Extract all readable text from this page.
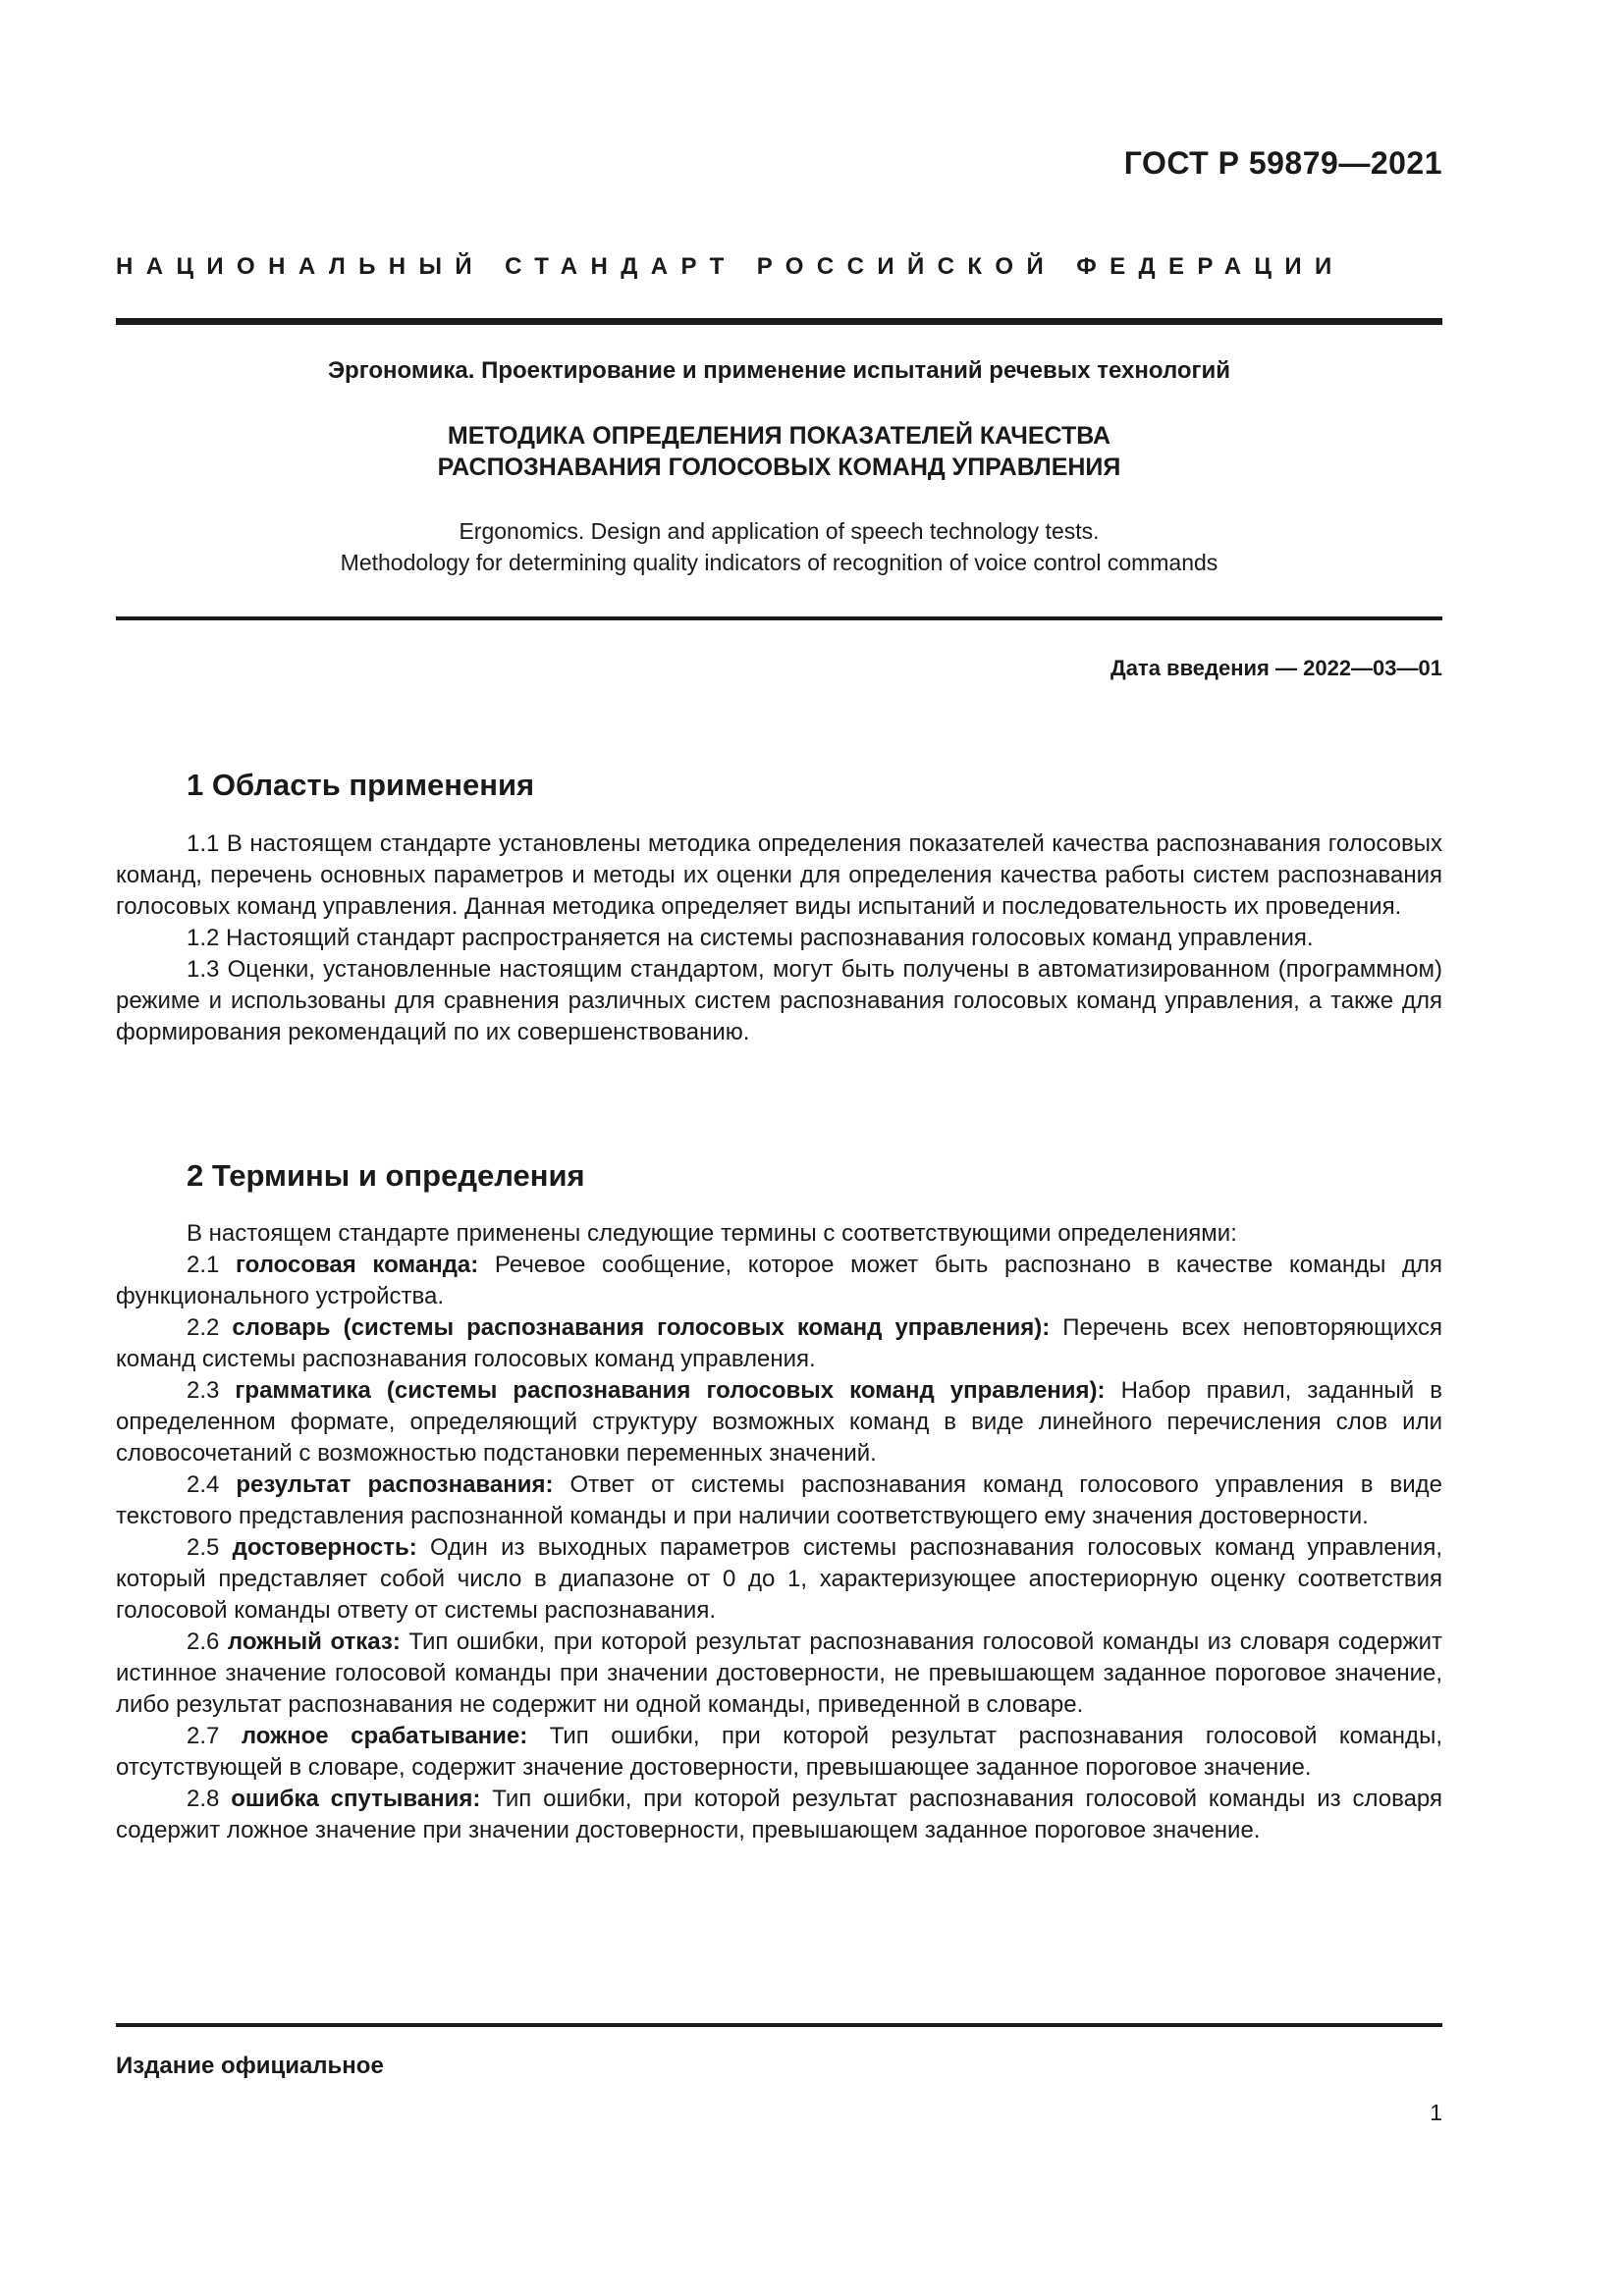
ГОСТ Р 59879—2021
НАЦИОНАЛЬНЫЙ СТАНДАРТ РОССИЙСКОЙ ФЕДЕРАЦИИ
Эргономика. Проектирование и применение испытаний речевых технологий
МЕТОДИКА ОПРЕДЕЛЕНИЯ ПОКАЗАТЕЛЕЙ КАЧЕСТВА
РАСПОЗНАВАНИЯ ГОЛОСОВЫХ КОМАНД УПРАВЛЕНИЯ
Ergonomics. Design and application of speech technology tests.
Methodology for determining quality indicators of recognition of voice control commands
Дата введения — 2022—03—01
1 Область применения

1.1 В настоящем стандарте установлены методика определения показателей качества распознавания голосовых команд, перечень основных параметров и методы их оценки для определения качества работы систем распознавания голосовых команд управления. Данная методика определяет виды испытаний и последовательность их проведения.

1.2 Настоящий стандарт распространяется на системы распознавания голосовых команд управления.

1.3 Оценки, установленные настоящим стандартом, могут быть получены в автоматизированном (программном) режиме и использованы для сравнения различных систем распознавания голосовых команд управления, а также для формирования рекомендаций по их совершенствованию.

2 Термины и определения

В настоящем стандарте применены следующие термины с соответствующими определениями:

2.1 голосовая команда: Речевое сообщение, которое может быть распознано в качестве команды для функционального устройства.

2.2 словарь (системы распознавания голосовых команд управления): Перечень всех неповторяющихся команд системы распознавания голосовых команд управления.

2.3 грамматика (системы распознавания голосовых команд управления): Набор правил, заданный в определенном формате, определяющий структуру возможных команд в виде линейного перечисления слов или словосочетаний с возможностью подстановки переменных значений.

2.4 результат распознавания: Ответ от системы распознавания команд голосового управления в виде текстового представления распознанной команды и при наличии соответствующего ему значения достоверности.

2.5 достоверность: Один из выходных параметров системы распознавания голосовых команд управления, который представляет собой число в диапазоне от 0 до 1, характеризующее апостериорную оценку соответствия голосовой команды ответу от системы распознавания.

2.6 ложный отказ: Тип ошибки, при которой результат распознавания голосовой команды из словаря содержит истинное значение голосовой команды при значении достоверности, не превышающем заданное пороговое значение, либо результат распознавания не содержит ни одной команды, приведенной в словаре.

2.7 ложное срабатывание: Тип ошибки, при которой результат распознавания голосовой команды, отсутствующей в словаре, содержит значение достоверности, превышающее заданное пороговое значение.

2.8 ошибка спутывания: Тип ошибки, при которой результат распознавания голосовой команды из словаря содержит ложное значение при значении достоверности, превышающем заданное пороговое значение.

Издание официальное
1
